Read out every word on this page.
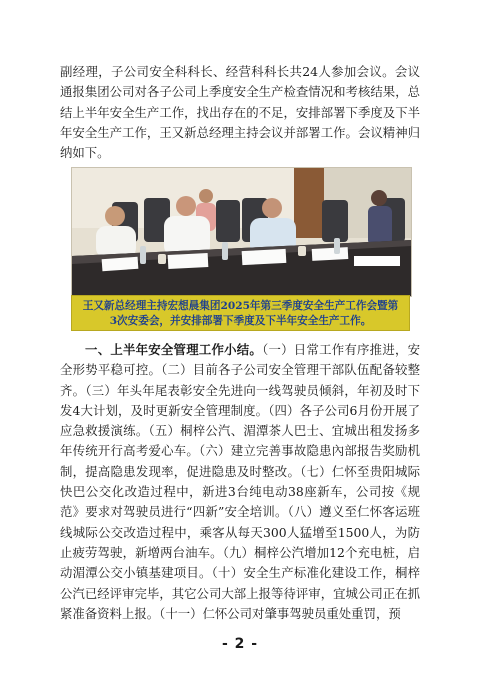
副经理，子公司安全科科长、经营科科长共24人参加会议。会议通报集团公司对各子公司上季度安全生产检查情况和考核结果，总结上半年安全生产工作，找出存在的不足，安排部署下季度及下半年安全生产工作，王又新总经理主持会议并部署工作。会议精神归纳如下。

王又新总经理主持宏想晨集团2025年第三季度安全生产工作会暨第3次安委会，并安排部署下季度及下半年安全生产工作。

一、上半年安全管理工作小结。（一）日常工作有序推进，安全形势平稳可控。（二）目前各子公司安全管理干部队伍配备较整齐。（三）年头年尾表彰安全先进向一线驾驶员倾斜，年初及时下发4大计划，及时更新安全管理制度。（四）各子公司6月份开展了应急救援演练。（五）桐梓公汽、湄潭茶人巴士、宜城出租发扬多年传统开行高考爱心车。（六）建立完善事故隐患內部报告奖励机制，提高隐患发现率，促进隐患及时整改。（七）仁怀至贵阳城际快巴公交化改造过程中，新进3台纯电动38座新车，公司按《规范》要求对驾驶员进行“四新”安全培训。（八）遵义至仁怀客运班线城际公交改造过程中，乘客从每天300人猛增至1500人，为防止疲劳驾驶，新增两台油车。（九）桐梓公汽增加12个充电桩，启动湄潭公交小镇基建项目。（十）安全生产标准化建设工作，桐梓公汽已经评审完毕，其它公司大部上报等待评审，宜城公司正在抓紧准备资料上报。（十一）仁怀公司对肇事驾驶员重处重罚，预

- 2 -
